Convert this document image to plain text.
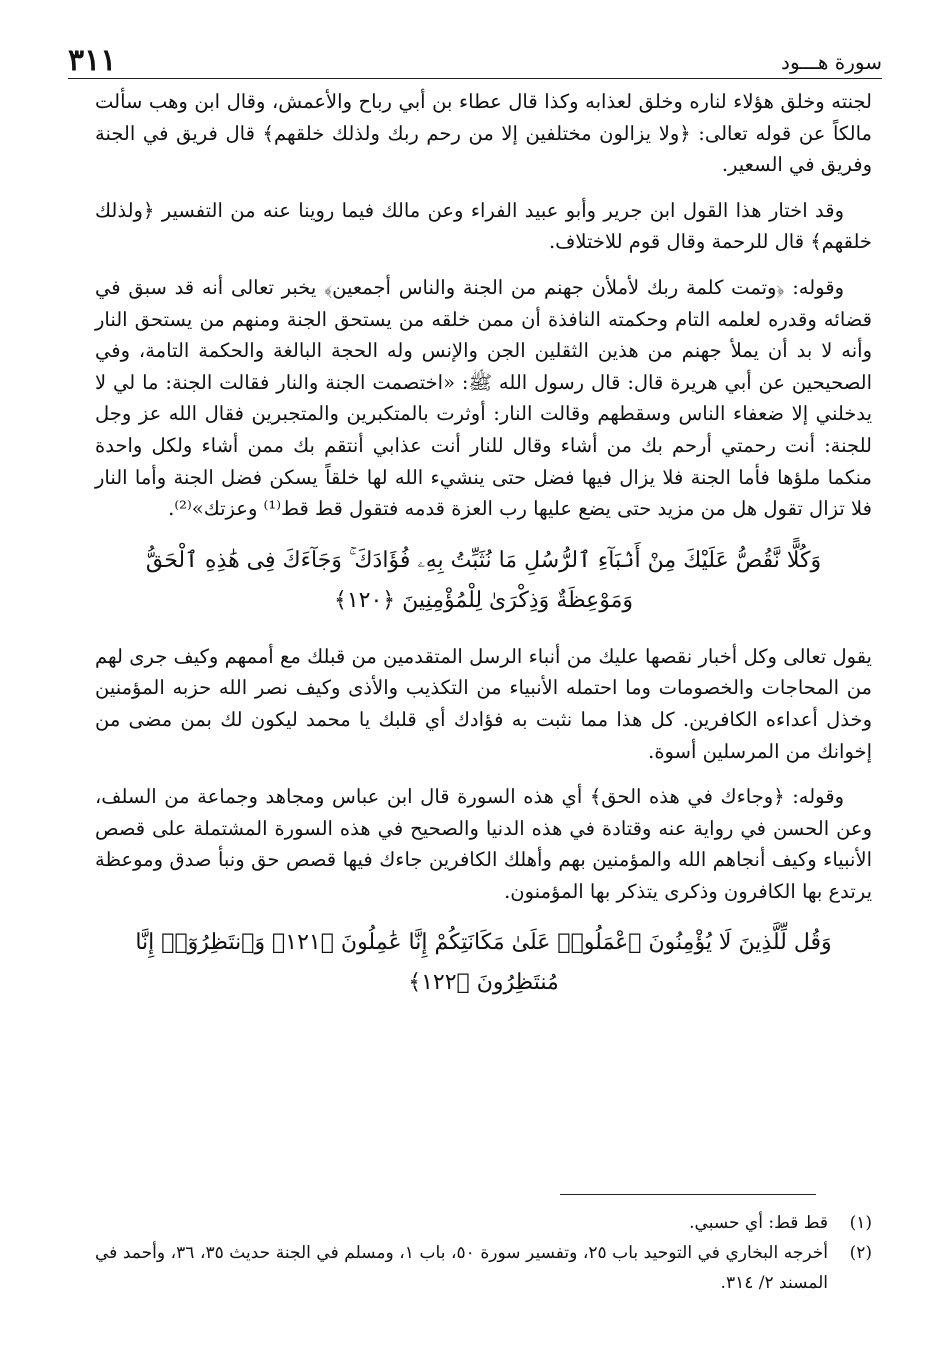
سورة هـــود
٣١١

لجنته وخلق هؤلاء لناره وخلق لعذابه وكذا قال عطاء بن أبي رباح والأعمش، وقال ابن وهب سألت مالكاً عن قوله تعالى: ﴿ولا يزالون مختلفين إلا من رحم ربك ولذلك خلقهم﴾ قال فريق في الجنة وفريق في السعير.

وقد اختار هذا القول ابن جرير وأبو عبيد الفراء وعن مالك فيما روينا عنه من التفسير ﴿ولذلك خلقهم﴾ قال للرحمة وقال قوم للاختلاف.

وقوله: ﴿وتمت كلمة ربك لأملأن جهنم من الجنة والناس أجمعين﴾ يخبر تعالى أنه قد سبق في قضائه وقدره لعلمه التام وحكمته النافذة أن ممن خلقه من يستحق الجنة ومنهم من يستحق النار وأنه لا بد أن يملأ جهنم من هذين الثقلين الجن والإنس وله الحجة البالغة والحكمة التامة، وفي الصحيحين عن أبي هريرة قال: قال رسول الله ﷺ: «اختصمت الجنة والنار فقالت الجنة: ما لي لا يدخلني إلا ضعفاء الناس وسقطهم وقالت النار: أوثرت بالمتكبرين والمتجبرين فقال الله عز وجل للجنة: أنت رحمتي أرحم بك من أشاء وقال للنار أنت عذابي أنتقم بك ممن أشاء ولكل واحدة منكما ملؤها فأما الجنة فلا يزال فيها فضل حتى ينشيء الله لها خلقاً يسكن فضل الجنة وأما النار فلا تزال تقول هل من مزيد حتى يضع عليها رب العزة قدمه فتقول قط قط⁽¹⁾ وعزتك»⁽²⁾.

وَكُلًّا نَّقُصُّ عَلَيْكَ مِنْ أَنۢبَآءِ ٱلرُّسُلِ مَا نُثَبِّتُ بِهِۦ فُؤَادَكَ ۚ وَجَآءَكَ فِى هَٰذِهِ ٱلْحَقُّ وَمَوْعِظَةٌ وَذِكْرَىٰ لِلْمُؤْمِنِينَ ﴿١٢٠﴾

يقول تعالى وكل أخبار نقصها عليك من أنباء الرسل المتقدمين من قبلك مع أممهم وكيف جرى لهم من المحاجات والخصومات وما احتمله الأنبياء من التكذيب والأذى وكيف نصر الله حزبه المؤمنين وخذل أعداءه الكافرين. كل هذا مما نثبت به فؤادك أي قلبك يا محمد ليكون لك بمن مضى من إخوانك من المرسلين أسوة.

وقوله: ﴿وجاءك في هذه الحق﴾ أي هذه السورة قال ابن عباس ومجاهد وجماعة من السلف، وعن الحسن في رواية عنه وقتادة في هذه الدنيا والصحيح في هذه السورة المشتملة على قصص الأنبياء وكيف أنجاهم الله والمؤمنين بهم وأهلك الكافرين جاءك فيها قصص حق ونبأ صدق وموعظة يرتدع بها الكافرون وذكرى يتذكر بها المؤمنون.

وَقُل لِّلَّذِينَ لَا يُؤْمِنُونَ ٱعْمَلُوا۟ عَلَىٰ مَكَانَتِكُمْ إِنَّا عَٰمِلُونَ ﴿١٢١﴾ وَٱنتَظِرُوٓا۟ إِنَّا مُنتَظِرُونَ ﴿١٢٢﴾
(١)
قط قط: أي حسبي.
(٢)
أخرجه البخاري في التوحيد باب ٢٥، وتفسير سورة ٥٠، باب ١، ومسلم في الجنة حديث ٣٥، ٣٦، وأحمد في المسند ٢/ ٣١٤.
